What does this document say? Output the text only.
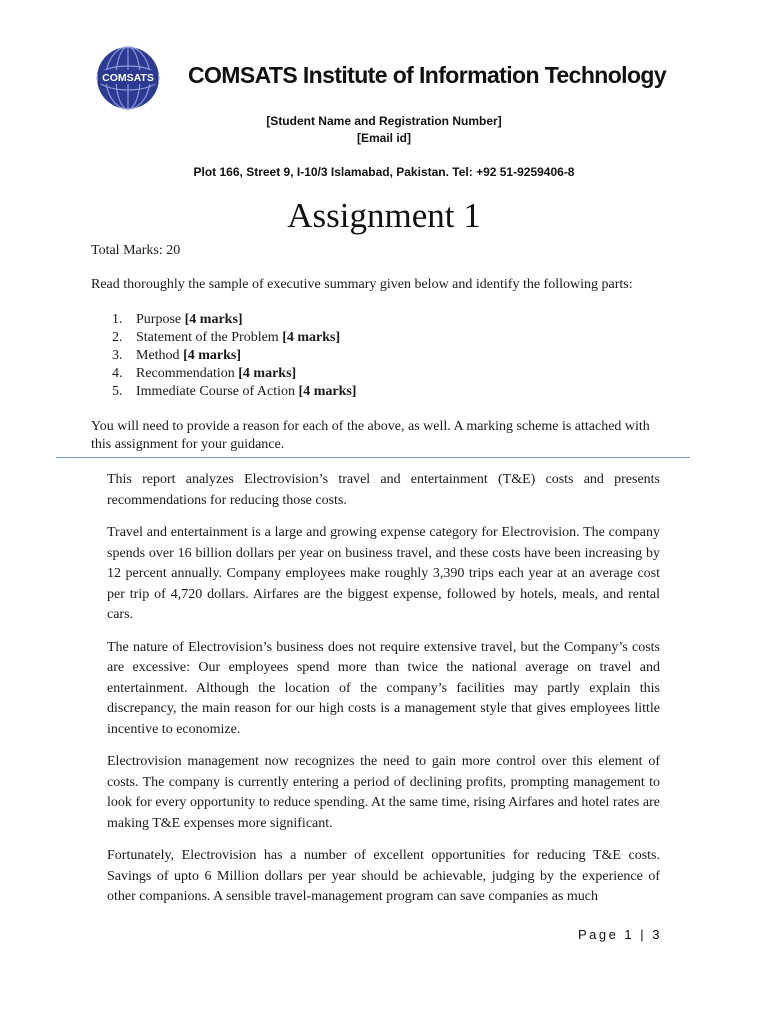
COMSATS COMSATS Institute of Information Technology
[Student Name and Registration Number]
[Email id]
Plot 166, Street 9, I-10/3 Islamabad, Pakistan. Tel: +92 51-9259406-8
Assignment 1
Total Marks: 20
Read thoroughly the sample of executive summary given below and identify the following parts:
1. Purpose [4 marks]
2. Statement of the Problem [4 marks]
3. Method [4 marks]
4. Recommendation [4 marks]
5. Immediate Course of Action [4 marks]
You will need to provide a reason for each of the above, as well. A marking scheme is attached with this assignment for your guidance.

This report analyzes Electrovision’s travel and entertainment (T&E) costs and presents recommendations for reducing those costs.

Travel and entertainment is a large and growing expense category for Electrovision. The company spends over 16 billion dollars per year on business travel, and these costs have been increasing by 12 percent annually. Company employees make roughly 3,390 trips each year at an average cost per trip of 4,720 dollars. Airfares are the biggest expense, followed by hotels, meals, and rental cars.

The nature of Electrovision’s business does not require extensive travel, but the Company’s costs are excessive: Our employees spend more than twice the national average on travel and entertainment. Although the location of the company’s facilities may partly explain this discrepancy, the main reason for our high costs is a management style that gives employees little incentive to economize.

Electrovision management now recognizes the need to gain more control over this element of costs. The company is currently entering a period of declining profits, prompting management to look for every opportunity to reduce spending. At the same time, rising Airfares and hotel rates are making T&E expenses more significant.

Fortunately, Electrovision has a number of excellent opportunities for reducing T&E costs. Savings of upto 6 Million dollars per year should be achievable, judging by the experience of other companions. A sensible travel-management program can save companies as much

Page 1 | 3
